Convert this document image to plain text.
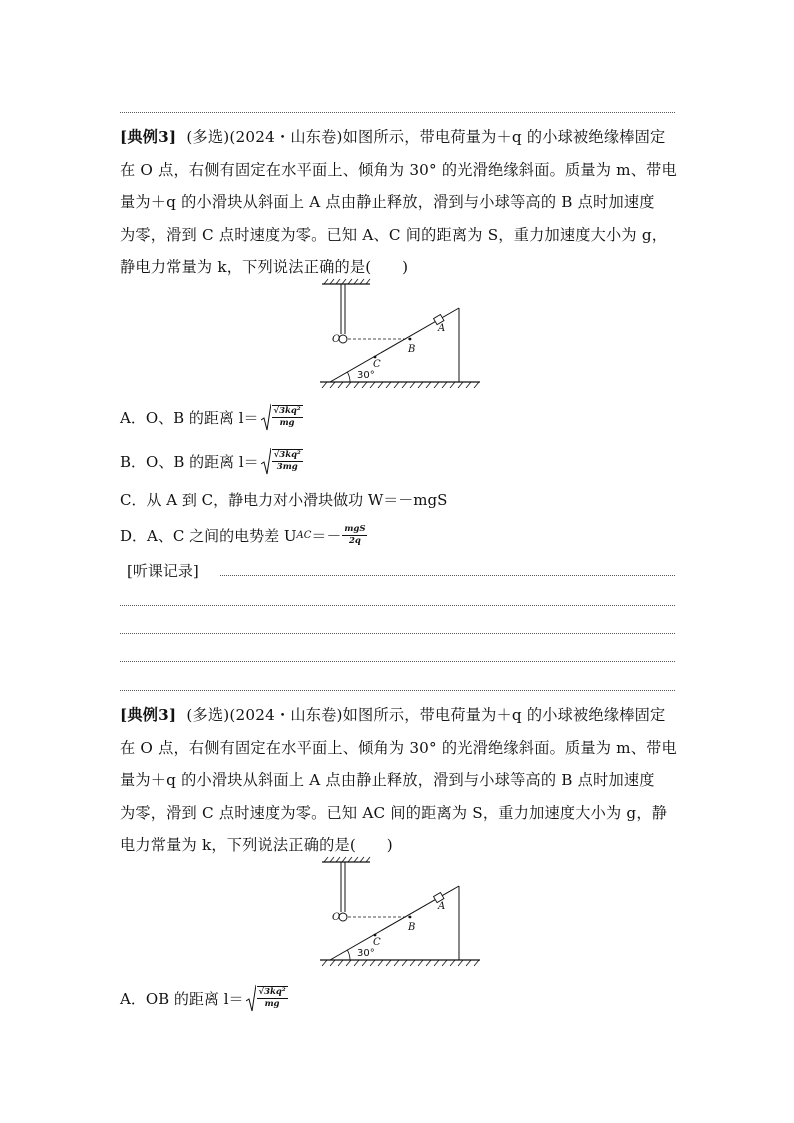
[典例3] (多选)(2024・山东卷)如图所示，带电荷量为＋q 的小球被绝缘棒固定
在 O 点，右侧有固定在水平面上、倾角为 30° 的光滑绝缘斜面。质量为 m、带电
量为＋q 的小滑块从斜面上 A 点由静止释放，滑到与小球等高的 B 点时加速度
为零，滑到 C 点时速度为零。已知 A、C 间的距离为 S，重力加速度大小为 g，
静电力常量为 k，下列说法正确的是(　　)
O
A
B
C
30°
A．O、B 的距离 $l= \frac{\text{√3kq²}}{mg}$
B．O、B 的距离 $l= \frac{\text{√3kq²}}{3mg}$
C．从 A 到 C，静电力对小滑块做功 W＝－mgS
D．A、C 之间的电势差 U AC ＝－ $\frac{\text{mgS}}{2q}$
[听课记录]
[典例3] (多选)(2024・山东卷)如图所示，带电荷量为＋q 的小球被绝缘棒固定
在 O 点，右侧有固定在水平面上、倾角为 30° 的光滑绝缘斜面。质量为 m、带电
量为＋q 的小滑块从斜面上 A 点由静止释放，滑到与小球等高的 B 点时加速度
为零，滑到 C 点时速度为零。已知 AC 间的距离为 S，重力加速度大小为 g，静
电力常量为 k，下列说法正确的是(　　)
O
A
B
C
30°
A．OB 的距离 $l= \frac{\text{√3kq²}}{mg}$
